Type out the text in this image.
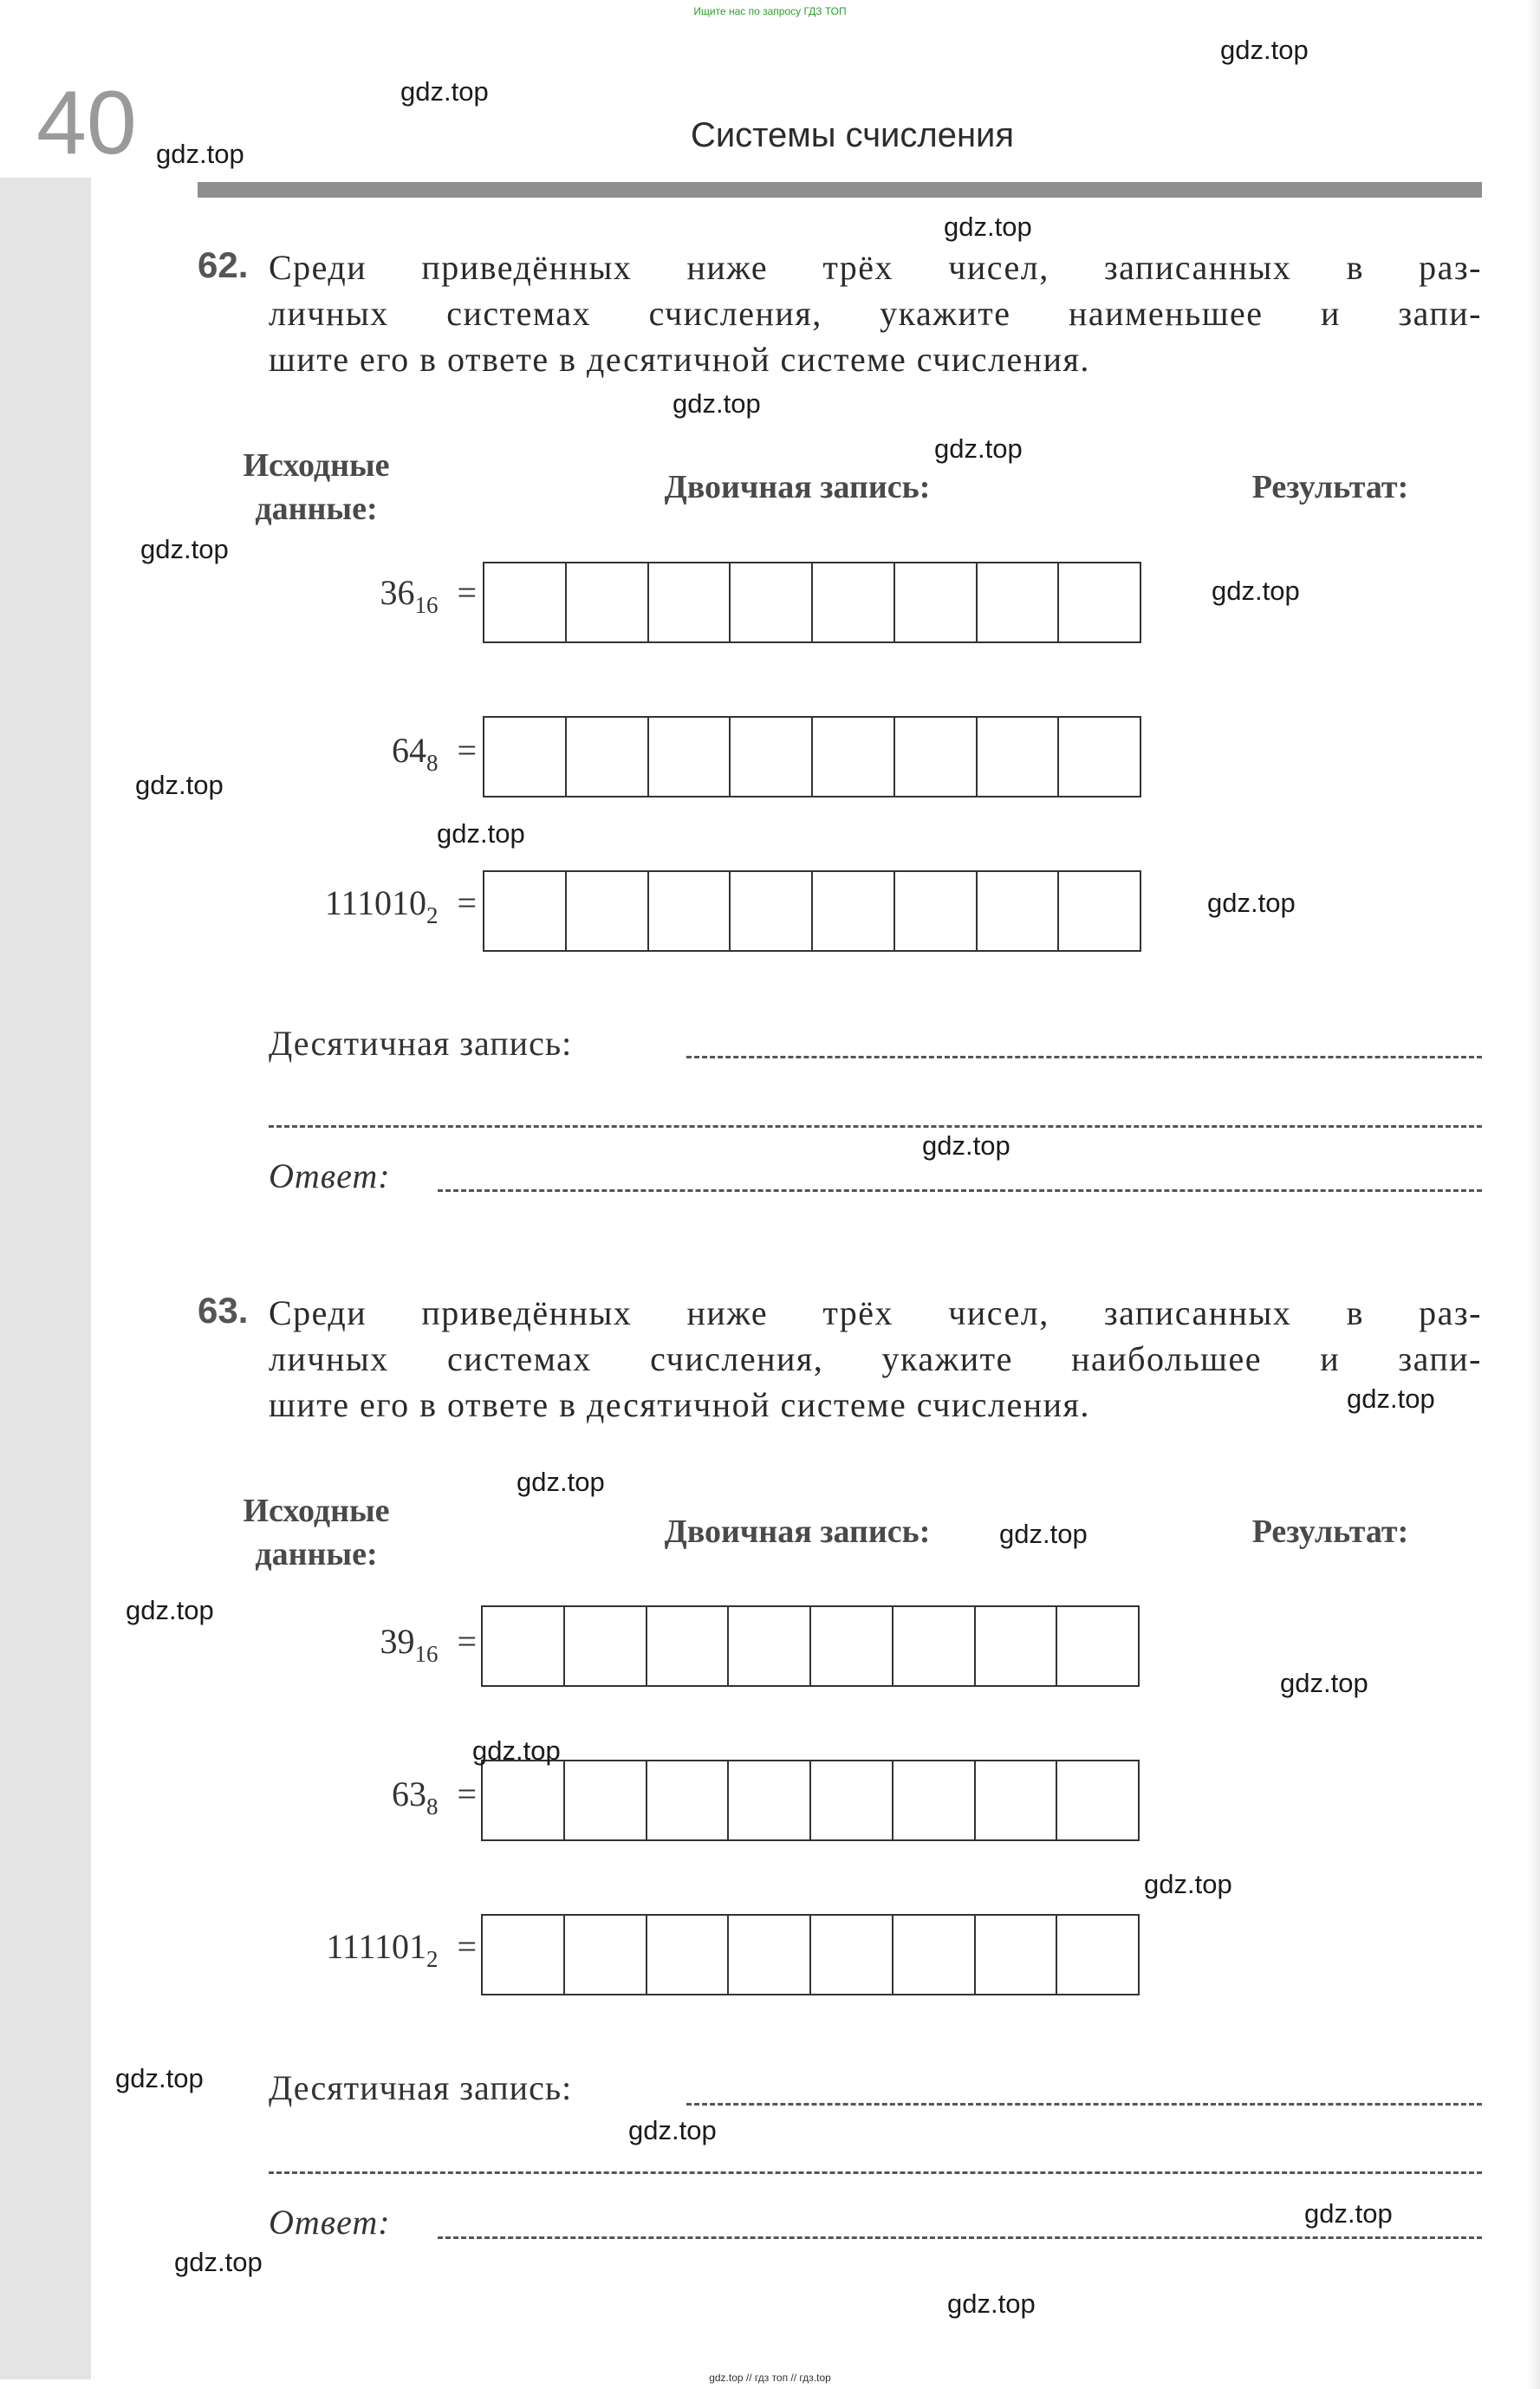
Ищите нас по запросу ГДЗ ТОП
40	Системы счисления
62. Среди приведённых ниже трёх чисел, записанных в раз-
личных системах счисления, укажите наименьшее и запи-
шите его в ответе в десятичной системе счисления.
Исходные
данные:
Двоичная запись:	Результат:
$36_{16}$ =
$64_8$ =
$111010_2$ =
Десятичная запись:
Ответ:
63. Среди приведённых ниже трёх чисел, записанных в раз-
личных системах счисления, укажите наибольшее и запи-
шите его в ответе в десятичной системе счисления.
Исходные
данные:
Двоичная запись:	Результат:
$39_{16}$ =
$63_8$ =
$111101_2$ =
Десятичная запись:
Ответ:
gdz.top
gdz.top
gdz.top
gdz.top
gdz.top
gdz.top
gdz.top
gdz.top
gdz.top
gdz.top
gdz.top
gdz.top
gdz.top
gdz.top
gdz.top
gdz.top
gdz.top
gdz.top
gdz.top
gdz.top
gdz.top
gdz.top
gdz.top
gdz.top
gdz.top // гдз топ // гдз.top
